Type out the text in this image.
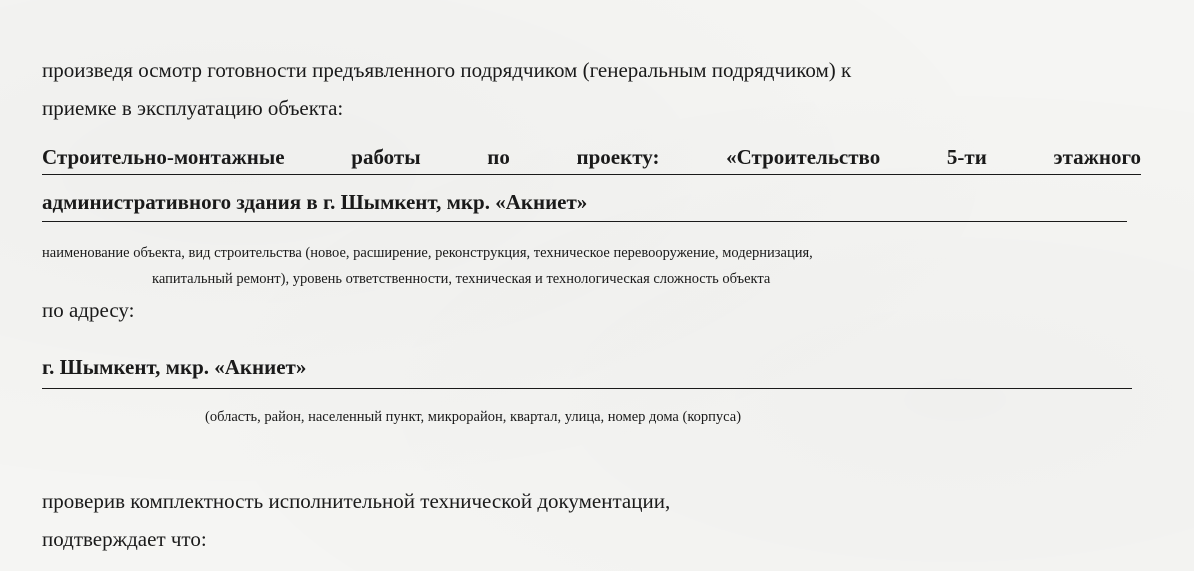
произведя осмотр готовности предъявленного подрядчиком (генеральным подрядчиком) к
приемке в эксплуатацию объекта:
Строительно-монтажные	работы	по	проекту:	«Строительство	5-ти	этажного
административного здания в г. Шымкент, мкр. «Акниет»
наименование объекта, вид строительства (новое, расширение, реконструкция, техническое перевооружение, модернизация,
капитальный ремонт), уровень ответственности, техническая и технологическая сложность объекта
по адресу:
г. Шымкент, мкр. «Акниет»
(область, район, населенный пункт, микрорайон, квартал, улица, номер дома (корпуса)
проверив комплектность исполнительной технической документации,
подтверждает что:
